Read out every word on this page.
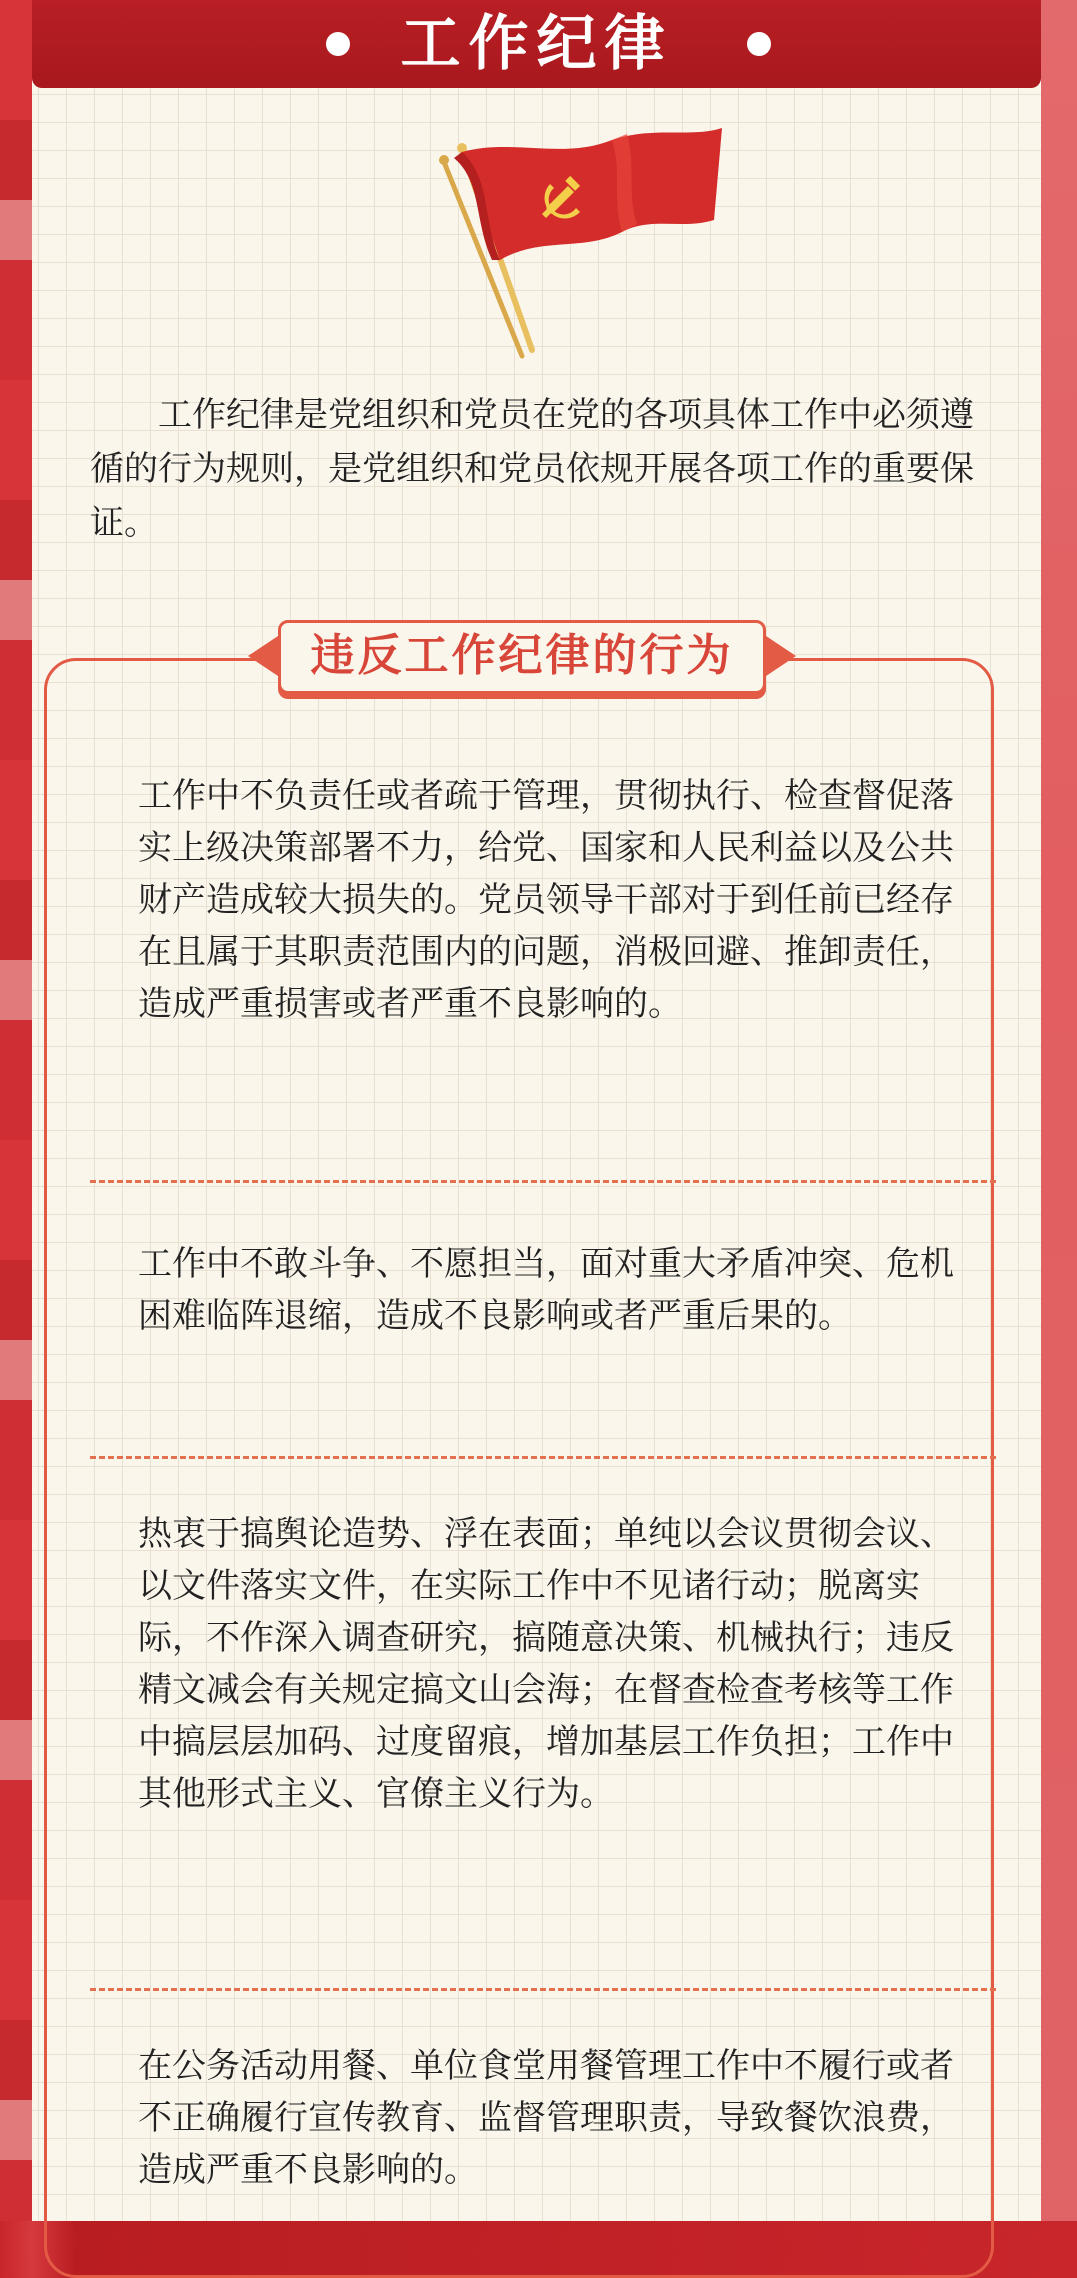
工作纪律

工作纪律是党组织和党员在党的各项具体工作中必须遵循的行为规则，是党组织和党员依规开展各项工作的重要保证。

违反工作纪律的行为

工作中不负责任或者疏于管理，贯彻执行、检查督促落实上级决策部署不力，给党、国家和人民利益以及公共财产造成较大损失的。党员领导干部对于到任前已经存在且属于其职责范围内的问题，消极回避、推卸责任，造成严重损害或者严重不良影响的。

工作中不敢斗争、不愿担当，面对重大矛盾冲突、危机困难临阵退缩，造成不良影响或者严重后果的。

热衷于搞舆论造势、浮在表面；单纯以会议贯彻会议、以文件落实文件，在实际工作中不见诸行动；脱离实际，不作深入调查研究，搞随意决策、机械执行；违反精文减会有关规定搞文山会海；在督查检查考核等工作中搞层层加码、过度留痕，增加基层工作负担；工作中其他形式主义、官僚主义行为。

在公务活动用餐、单位食堂用餐管理工作中不履行或者不正确履行宣传教育、监督管理职责，导致餐饮浪费，造成严重不良影响的。
